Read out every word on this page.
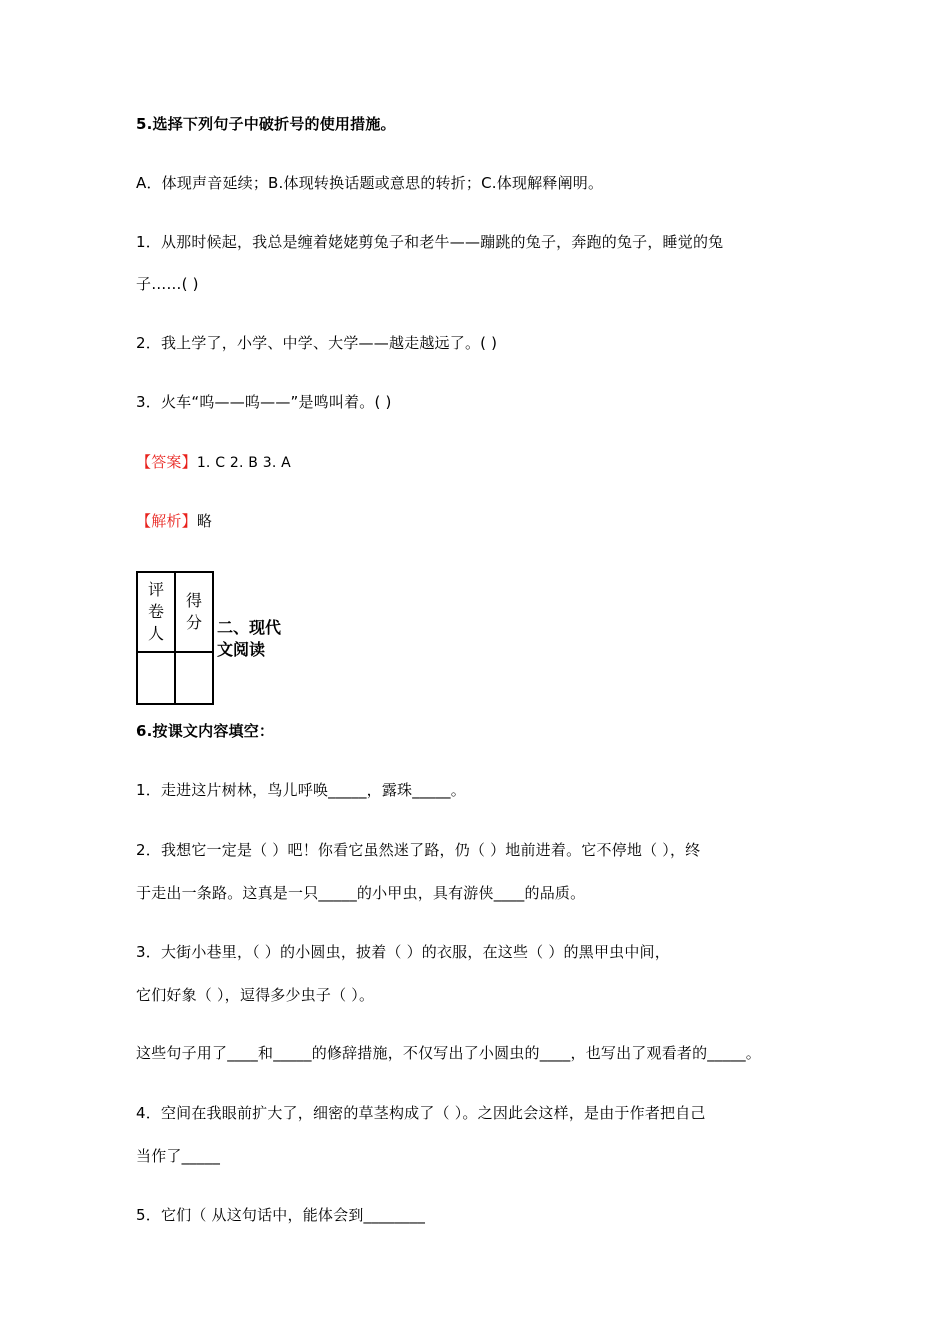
5.选择下列句子中破折号的使用措施。
A．体现声音延续；B.体现转换话题或意思的转折；C.体现解释阐明。
1．从那时候起，我总是缠着姥姥剪兔子和老牛——蹦跳的兔子，奔跑的兔子，睡觉的兔
子……( )
2．我上学了，小学、中学、大学——越走越远了。( )
3．火车“呜——呜——”是鸣叫着。( )
【答案】1. C 2. B 3. A
【解析】略
评
卷
人	得
分

	二、现代
文阅读
6.按课文内容填空：
1．走进这片树林，鸟儿呼唤_____，露珠_____。
2．我想它一定是（ ）吧！你看它虽然迷了路，仍（ ）地前进着。它不停地（ ），终
于走出一条路。这真是一只_____的小甲虫，具有游侠____的品质。
3．大街小巷里，（ ）的小圆虫，披着（ ）的衣服，在这些（ ）的黑甲虫中间，
它们好象（ ），逗得多少虫子（ ）。
这些句子用了____和_____的修辞措施，不仅写出了小圆虫的____，也写出了观看者的_____。
4．空间在我眼前扩大了，细密的草茎构成了（ ）。之因此会这样，是由于作者把自己
当作了_____
5．它们（ 从这句话中，能体会到________
